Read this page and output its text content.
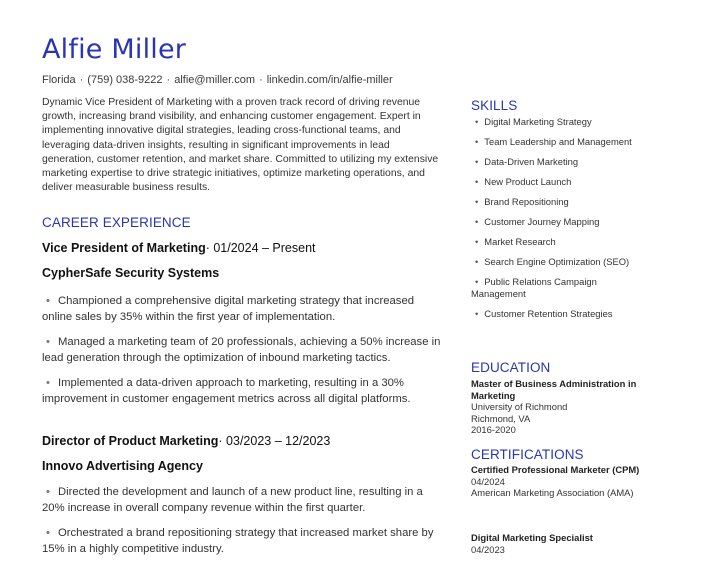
Alfie Miller
Florida · (759) 038-9222 · alfie@miller.com · linkedin.com/in/alfie-miller
Dynamic Vice President of Marketing with a proven track record of driving revenue growth, increasing brand visibility, and enhancing customer engagement. Expert in implementing innovative digital strategies, leading cross-functional teams, and leveraging data-driven insights, resulting in significant improvements in lead generation, customer retention, and market share. Committed to utilizing my extensive marketing expertise to drive strategic initiatives, optimize marketing operations, and deliver measurable business results.
CAREER EXPERIENCE
Vice President of Marketing· 01/2024 – Present
CypherSafe Security Systems
• Championed a comprehensive digital marketing strategy that increased online sales by 35% within the first year of implementation.
• Managed a marketing team of 20 professionals, achieving a 50% increase in lead generation through the optimization of inbound marketing tactics.
• Implemented a data-driven approach to marketing, resulting in a 30% improvement in customer engagement metrics across all digital platforms.
Director of Product Marketing· 03/2023 – 12/2023
Innovo Advertising Agency
• Directed the development and launch of a new product line, resulting in a 20% increase in overall company revenue within the first quarter.
• Orchestrated a brand repositioning strategy that increased market share by 15% in a highly competitive industry.
SKILLS
• Digital Marketing Strategy
• Team Leadership and Management
• Data-Driven Marketing
• New Product Launch
• Brand Repositioning
• Customer Journey Mapping
• Market Research
• Search Engine Optimization (SEO)
• Public Relations Campaign Management
• Customer Retention Strategies
EDUCATION
Master of Business Administration in Marketing
University of Richmond
Richmond, VA
2016-2020
CERTIFICATIONS
Certified Professional Marketer (CPM)
04/2024
American Marketing Association (AMA)
Digital Marketing Specialist
04/2023
